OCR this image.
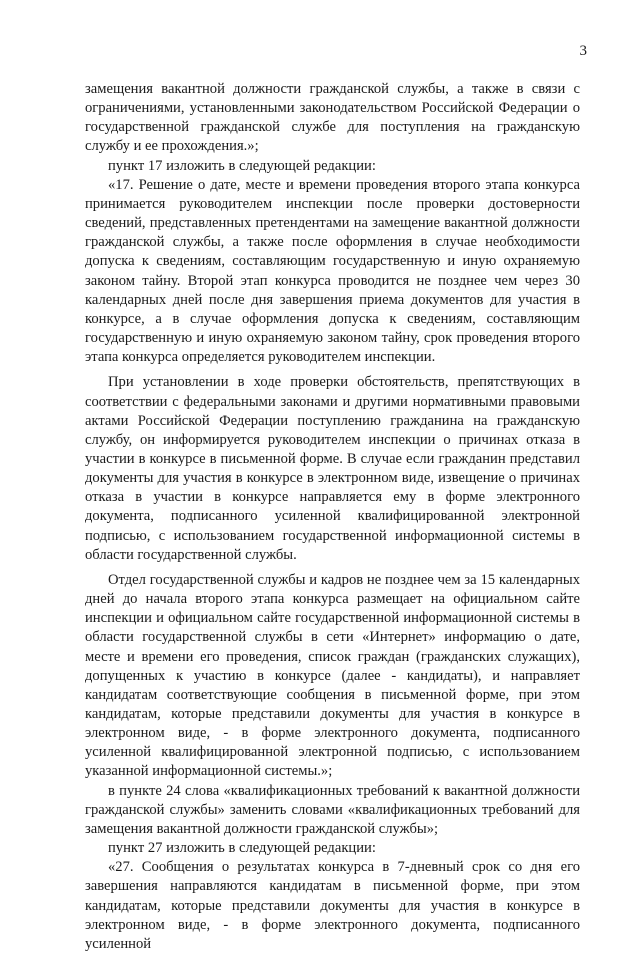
3

замещения вакантной должности гражданской службы, а также в связи с ограничениями, установленными законодательством Российской Федерации о государственной гражданской службе для поступления на гражданскую службу и ее прохождения.»;

пункт 17 изложить в следующей редакции:

«17. Решение о дате, месте и времени проведения второго этапа конкурса принимается руководителем инспекции после проверки достоверности сведений, представленных претендентами на замещение вакантной должности гражданской службы, а также после оформления в случае необходимости допуска к сведениям, составляющим государственную и иную охраняемую законом тайну. Второй этап конкурса проводится не позднее чем через 30 календарных дней после дня завершения приема документов для участия в конкурсе, а в случае оформления допуска к сведениям, составляющим государственную и иную охраняемую законом тайну, срок проведения второго этапа конкурса определяется руководителем инспекции.

При установлении в ходе проверки обстоятельств, препятствующих в соответствии с федеральными законами и другими нормативными правовыми актами Российской Федерации поступлению гражданина на гражданскую службу, он информируется руководителем инспекции о причинах отказа в участии в конкурсе в письменной форме. В случае если гражданин представил документы для участия в конкурсе в электронном виде, извещение о причинах отказа в участии в конкурсе направляется ему в форме электронного документа, подписанного усиленной квалифицированной электронной подписью, с использованием государственной информационной системы в области государственной службы.

Отдел государственной службы и кадров не позднее чем за 15 календарных дней до начала второго этапа конкурса размещает на официальном сайте инспекции и официальном сайте государственной информационной системы в области государственной службы в сети «Интернет» информацию о дате, месте и времени его проведения, список граждан (гражданских служащих), допущенных к участию в конкурсе (далее - кандидаты), и направляет кандидатам соответствующие сообщения в письменной форме, при этом кандидатам, которые представили документы для участия в конкурсе в электронном виде, - в форме электронного документа, подписанного усиленной квалифицированной электронной подписью, с использованием указанной информационной системы.»;

в пункте 24 слова «квалификационных требований к вакантной должности гражданской службы» заменить словами «квалификационных требований для замещения вакантной должности гражданской службы»;

пункт 27 изложить в следующей редакции:

«27. Сообщения о результатах конкурса в 7-дневный срок со дня его завершения направляются кандидатам в письменной форме, при этом кандидатам, которые представили документы для участия в конкурсе в электронном виде, - в форме электронного документа, подписанного усиленной
